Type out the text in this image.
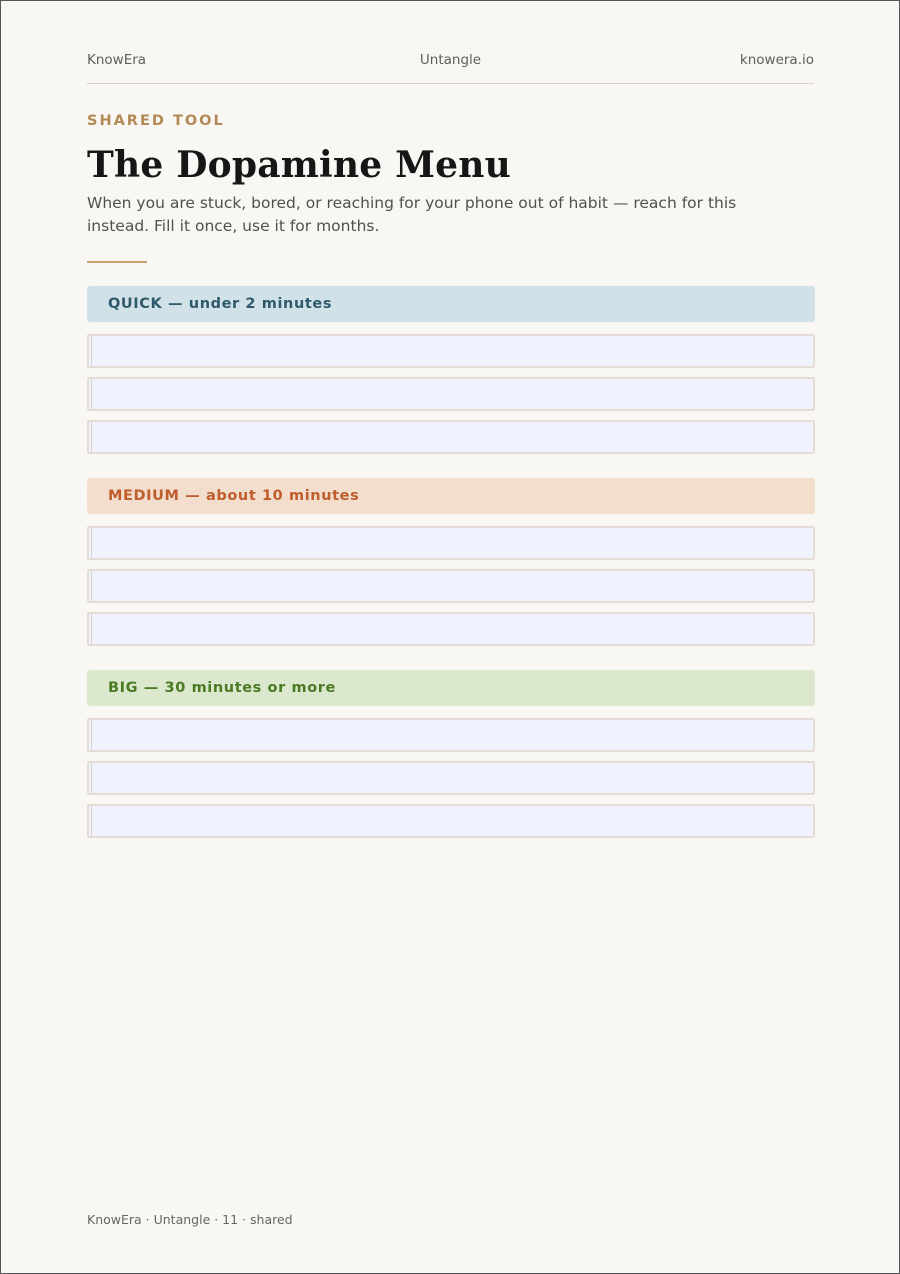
KnowEra	Untangle	knowera.io

SHARED TOOL

The Dopamine Menu

When you are stuck, bored, or reaching for your phone out of habit — reach for this instead. Fill it once, use it for months.

QUICK — under 2 minutes
MEDIUM — about 10 minutes
BIG — 30 minutes or more
KnowEra · Untangle · 11 · shared
